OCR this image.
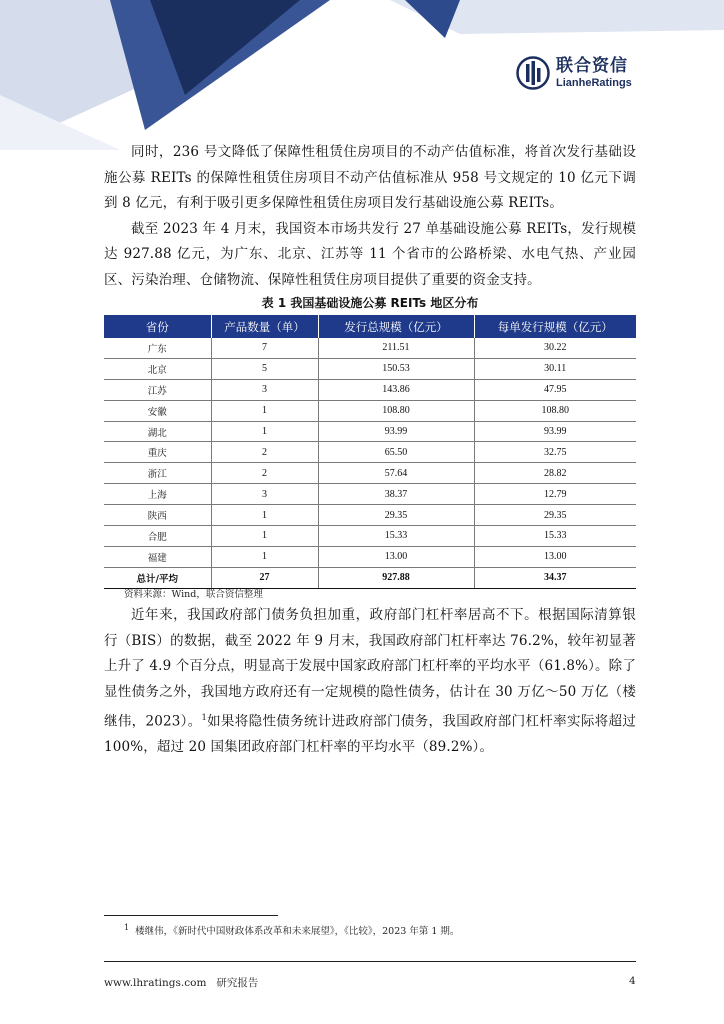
联合资信
LianheRatings

同时，236 号文降低了保障性租赁住房项目的不动产估值标准，将首次发行基础设施公募 REITs 的保障性租赁住房项目不动产估值标准从 958 号文规定的 10 亿元下调到 8 亿元，有利于吸引更多保障性租赁住房项目发行基础设施公募 REITs。

截至 2023 年 4 月末，我国资本市场共发行 27 单基础设施公募 REITs，发行规模达 927.88 亿元，为广东、北京、江苏等 11 个省市的公路桥梁、水电气热、产业园区、污染治理、仓储物流、保障性租赁住房项目提供了重要的资金支持。

表 1 我国基础设施公募 REITs 地区分布
省份	产品数量（单）	发行总规模（亿元）	每单发行规模（亿元）
广东	7	211.51	30.22
北京	5	150.53	30.11
江苏	3	143.86	47.95
安徽	1	108.80	108.80
湖北	1	93.99	93.99
重庆	2	65.50	32.75
浙江	2	57.64	28.82
上海	3	38.37	12.79
陕西	1	29.35	29.35
合肥	1	15.33	15.33
福建	1	13.00	13.00
总计/平均	27	927.88	34.37
资料来源：Wind，联合资信整理

近年来，我国政府部门债务负担加重，政府部门杠杆率居高不下。根据国际清算银行（BIS）的数据，截至 2022 年 9 月末，我国政府部门杠杆率达 76.2%，较年初显著上升了 4.9 个百分点，明显高于发展中国家政府部门杠杆率的平均水平（61.8%）。除了显性债务之外，我国地方政府还有一定规模的隐性债务，估计在 30 万亿～50 万亿（楼继伟，2023）。$^1$如果将隐性债务统计进政府部门债务，我国政府部门杠杆率实际将超过 100%，超过 20 国集团政府部门杠杆率的平均水平（89.2%）。

$^1$ 楼继伟，《新时代中国财政体系改革和未来展望》，《比较》，2023 年第 1 期。
www.lhratings.com 研究报告	4
